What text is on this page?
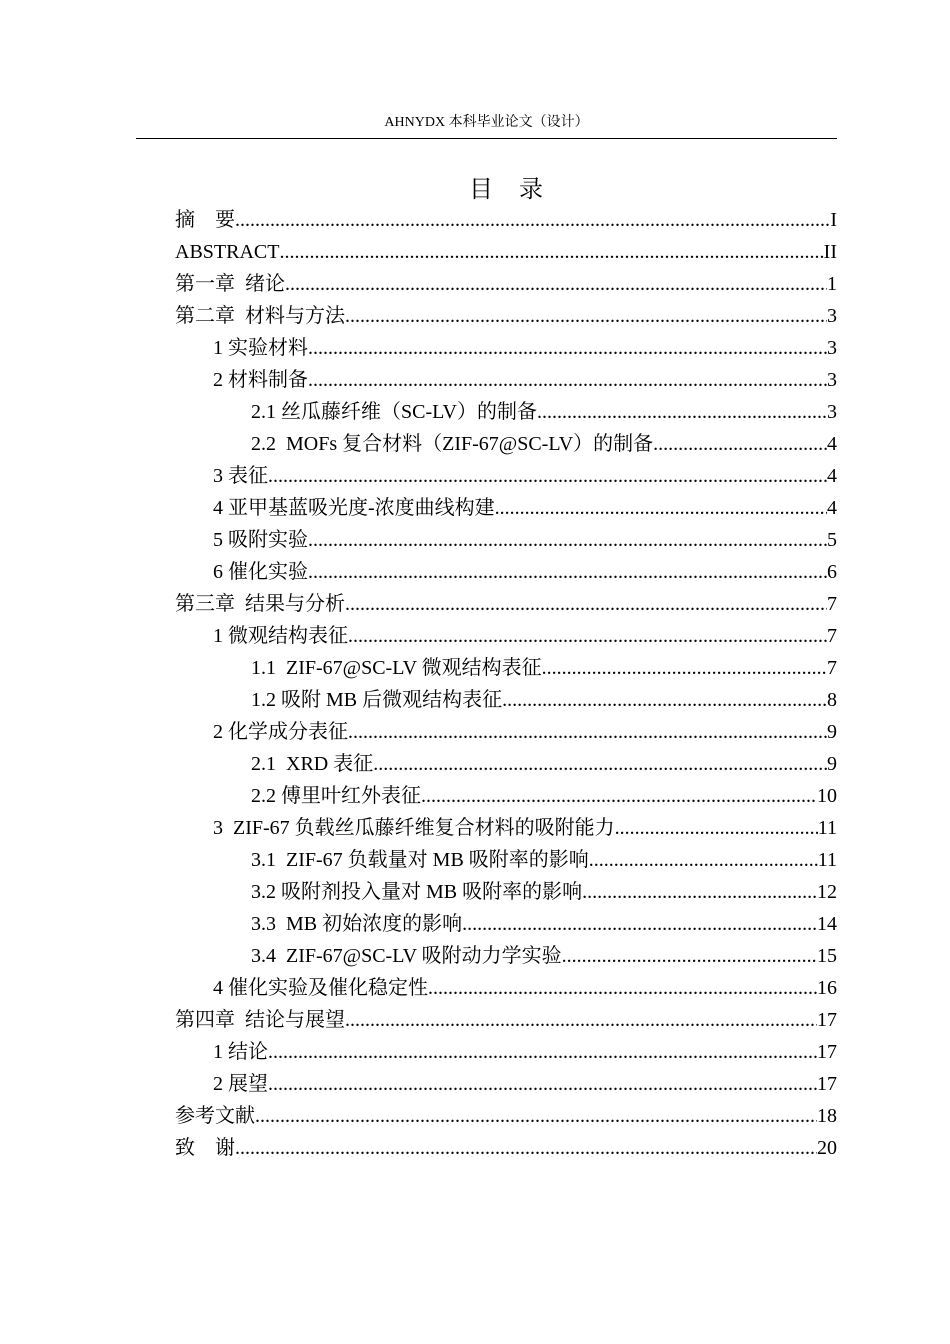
AHNYDX 本科毕业论文（设计）
目 录
摘　要 .....	I
ABSTRACT .....	II
第一章  绪论 .....	1
第二章  材料与方法 .....	3
1 实验材料 .....	3
2 材料制备 .....	3
2.1 丝瓜藤纤维（SC-LV）的制备 .....	3
2.2  MOFs 复合材料（ZIF-67@SC-LV）的制备 .....	4
3 表征 .....	4
4 亚甲基蓝吸光度-浓度曲线构建 .....	4
5 吸附实验 .....	5
6 催化实验 .....	6
第三章  结果与分析 .....	7
1 微观结构表征 .....	7
1.1  ZIF-67@SC-LV 微观结构表征 .....	7
1.2 吸附 MB 后微观结构表征 .....	8
2 化学成分表征 .....	9
2.1  XRD 表征 .....	9
2.2 傅里叶红外表征 .....	10
3  ZIF-67 负载丝瓜藤纤维复合材料的吸附能力 .....	11
3.1  ZIF-67 负载量对 MB 吸附率的影响 .....	11
3.2 吸附剂投入量对 MB 吸附率的影响 .....	12
3.3  MB 初始浓度的影响 .....	14
3.4  ZIF-67@SC-LV 吸附动力学实验 .....	15
4 催化实验及催化稳定性 .....	16
第四章  结论与展望 .....	17
1 结论 .....	17
2 展望 .....	17
参考文献 .....	18
致　谢 .....	20
